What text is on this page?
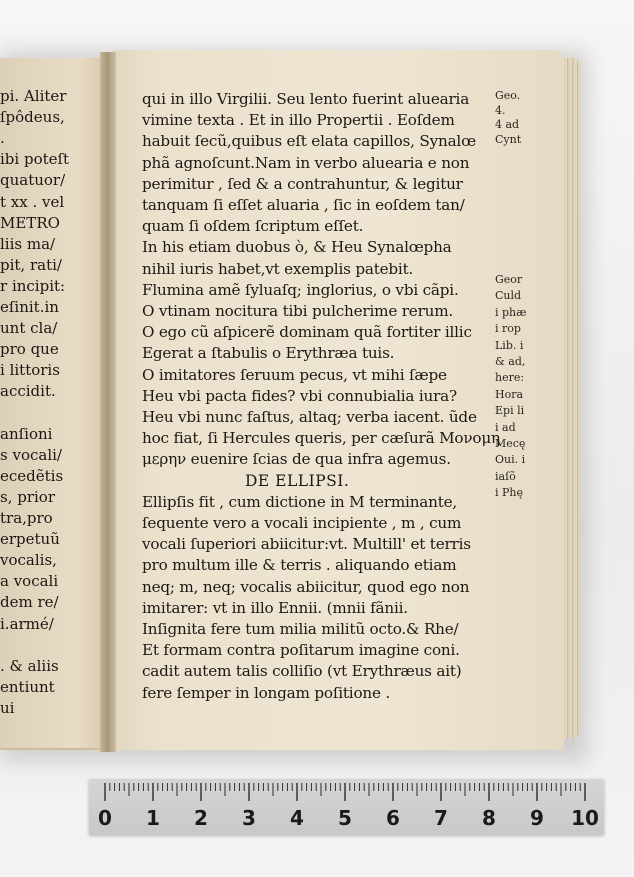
pi. Aliter
ſpôdeus,
.
ibi poteſt
quatuor/
t xx . vel
METRO
liis ma/
pit, rati/
r incipit:
eſinit.in
unt cla/
pro que
i littoris
accidit.
anſioni
s vocali/
ecedẽtis
s, prior
tra,pro
erpetuũ
vocalis,
a vocali
dem re/
i.armé/
. & aliis
entiunt
ui
qui in illo Virgilii. Seu lento fuerint aluearia
vimine texta . Et in illo Propertii . Eoſdem
habuit ſecũ,quibus eſt elata capillos, Synalœ
phã agnoſcunt.Nam in verbo aluearia e non
perimitur , ſed & a contrahuntur, & legitur
tanquam ſi eſſet aluaria , ſic in eoſdem tan/
quam ſi oſdem ſcriptum eſſet.
In his etiam duobus ò, & Heu Synalœpha
nihil iuris habet,vt exemplis patebit.
Flumina amẽ ſyluaſq; inglorius, o vbi cãpi.
O vtinam nocitura tibi pulcherime rerum.
O ego cũ aſpicerẽ dominam quã fortiter illic
Egerat a ſtabulis o Erythræa tuis.
O imitatores ſeruum pecus, vt mihi ſæpe
Heu vbi pacta fides? vbi connubialia iura?
Heu vbi nunc faſtus, altaq; verba iacent. ũde
hoc fiat, ſi Hercules queris, per cæſurã Μονομη
μερην euenire ſcias de qua infra agemus.
DE ELLIPSI.
Ellipſis fit , cum dictione in M terminante,
ſequente vero a vocali incipiente , m , cum
vocali ſuperiori abiicitur:vt. Multill' et terris
pro multum ille & terris . aliquando etiam
neq; m, neq; vocalis abiicitur, quod ego non
imitarer: vt in illo Ennii. (mnii fãnii.
Inſignita fere tum milia militũ octo.& Rhe/
Et formam contra poſitarum imagine coni.
cadit autem talis colliſio (vt Erythræus ait)
fere ſemper in longam poſitione .
Geo.
4.
4 ad
Cynt
Geor
Culd
i phæ
i rop
Lib. i
& ad,
here:
Hora
Epi li
i ad
Mecę
Oui. i
iaſõ
i Phę
0 1 2 3 4 5 6 7 8 9 10
